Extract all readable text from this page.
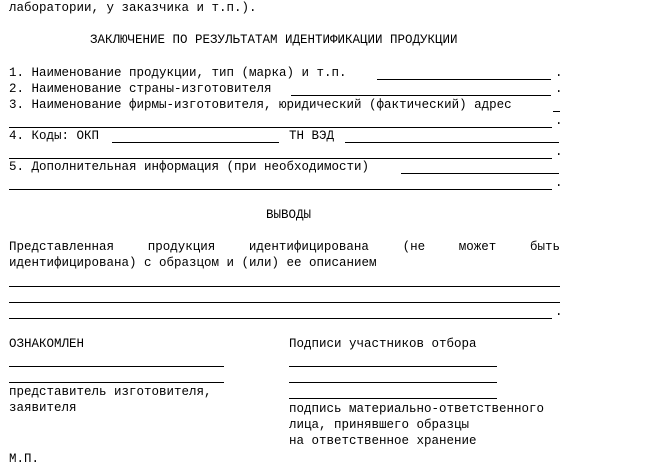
лаборатории, у заказчика и т.п.).
ЗАКЛЮЧЕНИЕ ПО РЕЗУЛЬТАТАМ ИДЕНТИФИКАЦИИ ПРОДУКЦИИ
1. Наименование продукции, тип (марка) и т.п.	.
2. Наименование страны-изготовителя	.
3. Наименование фирмы-изготовителя, юридический (фактический) адрес
.
4. Коды: ОКП	ТН ВЭД
.
5. Дополнительная информация (при необходимости)
.
ВЫВОДЫ
Представленная	продукция	идентифицирована	(не	может	быть
идентифицирована) с образцом и (или) ее описанием
.
ОЗНАКОМЛЕН	Подписи участников отбора
представитель изготовителя,
заявителя	подпись материально-ответственного
лица, принявшего образцы
на ответственное хранение
М.П.
